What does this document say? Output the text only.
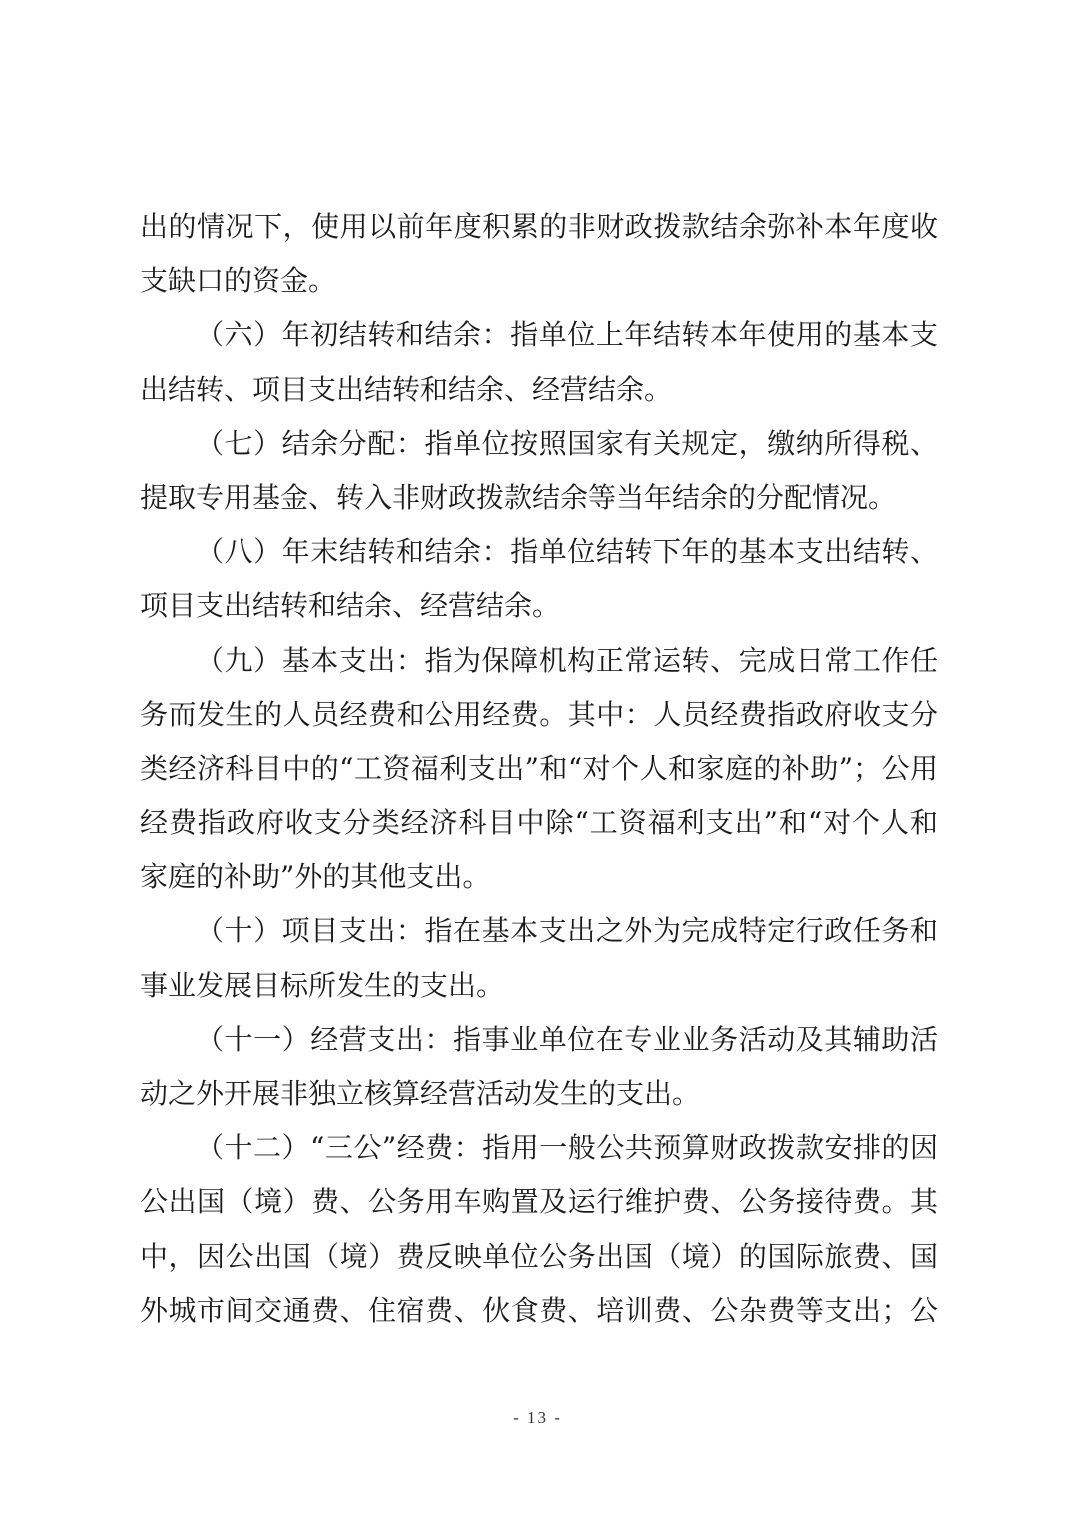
出的情况下，使用以前年度积累的非财政拨款结余弥补本年度收
支缺口的资金。
（六）年初结转和结余：指单位上年结转本年使用的基本支
出结转、项目支出结转和结余、经营结余。
（七）结余分配：指单位按照国家有关规定，缴纳所得税、
提取专用基金、转入非财政拨款结余等当年结余的分配情况。
（八）年末结转和结余：指单位结转下年的基本支出结转、
项目支出结转和结余、经营结余。
（九）基本支出：指为保障机构正常运转、完成日常工作任
务而发生的人员经费和公用经费。其中：人员经费指政府收支分
类经济科目中的“工资福利支出”和“对个人和家庭的补助”；公用
经费指政府收支分类经济科目中除“工资福利支出”和“对个人和
家庭的补助”外的其他支出。
（十）项目支出：指在基本支出之外为完成特定行政任务和
事业发展目标所发生的支出。
（十一）经营支出：指事业单位在专业业务活动及其辅助活
动之外开展非独立核算经营活动发生的支出。
（十二）“三公”经费：指用一般公共预算财政拨款安排的因
公出国（境）费、公务用车购置及运行维护费、公务接待费。其
中，因公出国（境）费反映单位公务出国（境）的国际旅费、国
外城市间交通费、住宿费、伙食费、培训费、公杂费等支出；公
- 13 -
